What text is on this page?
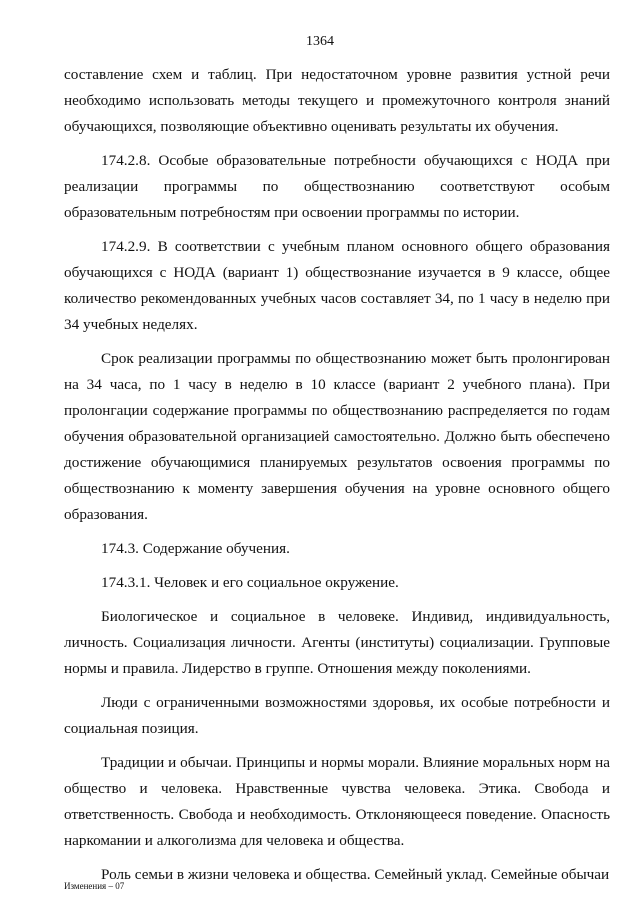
1364

составление схем и таблиц. При недостаточном уровне развития устной речи необходимо использовать методы текущего и промежуточного контроля знаний обучающихся, позволяющие объективно оценивать результаты их обучения.

174.2.8. Особые образовательные потребности обучающихся с НОДА при реализации программы по обществознанию соответствуют особым образовательным потребностям при освоении программы по истории.

174.2.9. В соответствии с учебным планом основного общего образования обучающихся с НОДА (вариант 1) обществознание изучается в 9 классе, общее количество рекомендованных учебных часов составляет 34, по 1 часу в неделю при 34 учебных неделях.

Срок реализации программы по обществознанию может быть пролонгирован на 34 часа, по 1 часу в неделю в 10 классе (вариант 2 учебного плана). При пролонгации содержание программы по обществознанию распределяется по годам обучения образовательной организацией самостоятельно. Должно быть обеспечено достижение обучающимися планируемых результатов освоения программы по обществознанию к моменту завершения обучения на уровне основного общего образования.

174.3. Содержание обучения.

174.3.1. Человек и его социальное окружение.

Биологическое и социальное в человеке. Индивид, индивидуальность, личность. Социализация личности. Агенты (институты) социализации. Групповые нормы и правила. Лидерство в группе. Отношения между поколениями.

Люди с ограниченными возможностями здоровья, их особые потребности и социальная позиция.

Традиции и обычаи. Принципы и нормы морали. Влияние моральных норм на общество и человека. Нравственные чувства человека. Этика. Свобода и ответственность. Свобода и необходимость. Отклоняющееся поведение. Опасность наркомании и алкоголизма для человека и общества.

Роль семьи в жизни человека и общества. Семейный уклад. Семейные обычаи

Изменения – 07
